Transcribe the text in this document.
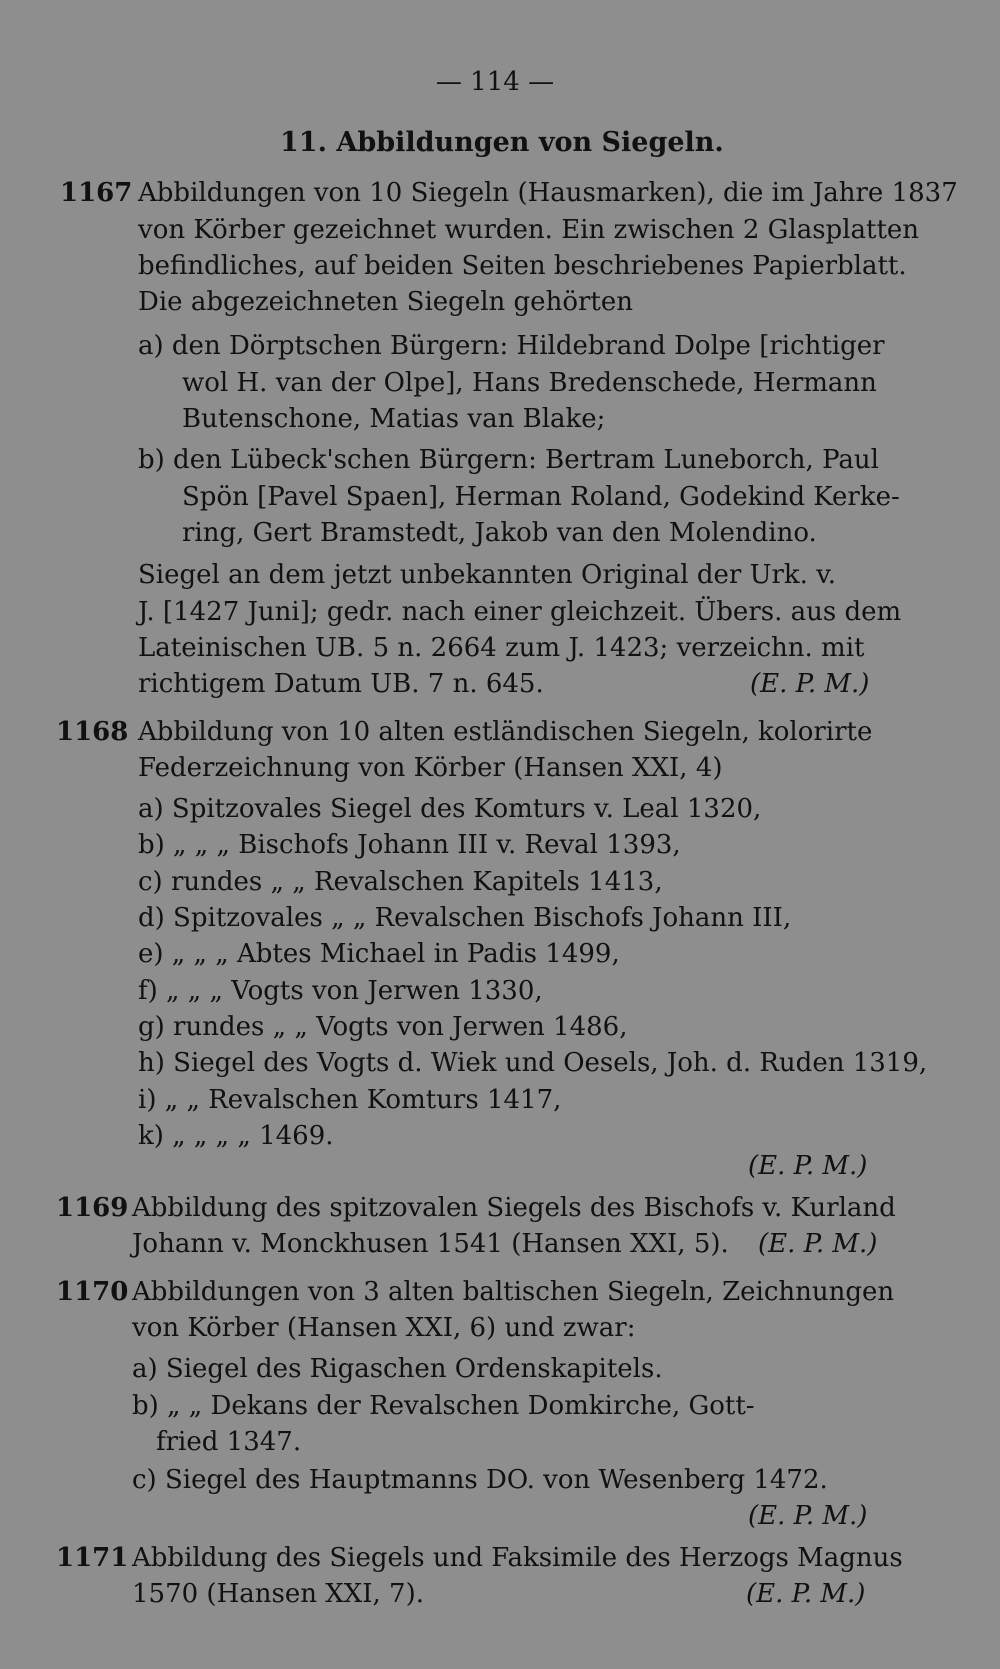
— 114 —
11. Abbildungen von Siegeln.
1167 Abbildungen von 10 Siegeln (Hausmarken), die im Jahre 1837
von Körber gezeichnet wurden. Ein zwischen 2 Glasplatten
befindliches, auf beiden Seiten beschriebenes Papierblatt.
Die abgezeichneten Siegeln gehörten
a) den Dörptschen Bürgern: Hildebrand Dolpe [richtiger
wol H. van der Olpe], Hans Bredenschede, Hermann
Butenschone, Matias van Blake;
b) den Lübeck'schen Bürgern: Bertram Luneborch, Paul
Spön [Pavel Spaen], Herman Roland, Godekind Kerke-
ring, Gert Bramstedt, Jakob van den Molendino.
Siegel an dem jetzt unbekannten Original der Urk. v.
J. [1427 Juni]; gedr. nach einer gleichzeit. Übers. aus dem
Lateinischen UB. 5 n. 2664 zum J. 1423; verzeichn. mit
richtigem Datum UB. 7 n. 645.	(E. P. M.)
1168 Abbildung von 10 alten estländischen Siegeln, kolorirte
Federzeichnung von Körber (Hansen XXI, 4)
a) Spitzovales Siegel des Komturs v. Leal 1320,
b) „ „ „ Bischofs Johann III v. Reval 1393,
c) rundes „ „ Revalschen Kapitels 1413,
d) Spitzovales „ „ Revalschen Bischofs Johann III,
e) „ „ „ Abtes Michael in Padis 1499,
f) „ „ „ Vogts von Jerwen 1330,
g) rundes „ „ Vogts von Jerwen 1486,
h) Siegel des Vogts d. Wiek und Oesels, Joh. d. Ruden 1319,
i) „ „ Revalschen Komturs 1417,
k) „ „ „ „ 1469.
(E. P. M.)
1169 Abbildung des spitzovalen Siegels des Bischofs v. Kurland
Johann v. Monckhusen 1541 (Hansen XXI, 5). (E. P. M.)
1170 Abbildungen von 3 alten baltischen Siegeln, Zeichnungen
von Körber (Hansen XXI, 6) und zwar:
a) Siegel des Rigaschen Ordenskapitels.
b) „ „ Dekans der Revalschen Domkirche, Gott-
fried 1347.
c) Siegel des Hauptmanns DO. von Wesenberg 1472.
(E. P. M.)
1171 Abbildung des Siegels und Faksimile des Herzogs Magnus
1570 (Hansen XXI, 7).	(E. P. M.)
